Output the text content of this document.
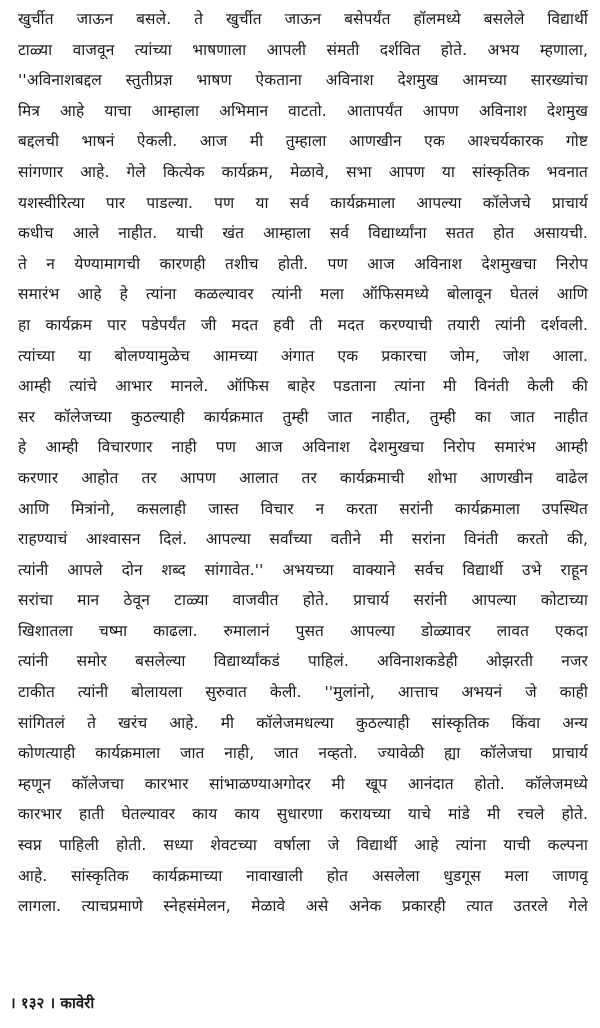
खुर्चीत जाऊन बसले. ते खुर्चीत जाऊन बसेपर्यंत हॉलमध्ये बसलेले विद्यार्थी
टाळ्या वाजवून त्यांच्या भाषणाला आपली संमती दर्शवित होते. अभय म्हणाला,
''अविनाशबद्दल स्तुतीप्रज्ञ भाषण ऐकताना अविनाश देशमुख आमच्या सारख्यांचा
मित्र आहे याचा आम्हाला अभिमान वाटतो. आतापर्यंत आपण अविनाश देशमुख
बद्दलची भाषनं ऐकली. आज मी तुम्हाला आणखीन एक आश्चर्यकारक गोष्ट
सांगणार आहे. गेले कित्येक कार्यक्रम, मेळावे, सभा आपण या सांस्कृतिक भवनात
यशस्वीरित्या पार पाडल्या. पण या सर्व कार्यक्रमाला आपल्या कॉलेजचे प्राचार्य
कधीच आले नाहीत. याची खंत आम्हाला सर्व विद्यार्थ्यांना सतत होत असायची.
ते न येण्यामागची कारणही तशीच होती. पण आज अविनाश देशमुखचा निरोप
समारंभ आहे हे त्यांना कळल्यावर त्यांनी मला ऑफिसमध्ये बोलावून घेतलं आणि
हा कार्यक्रम पार पडेपर्यंत जी मदत हवी ती मदत करण्याची तयारी त्यांनी दर्शवली.
त्यांच्या या बोलण्यामुळेच आमच्या अंगात एक प्रकारचा जोम, जोश आला.
आम्ही त्यांचे आभार मानले. ऑफिस बाहेर पडताना त्यांना मी विनंती केली की
सर कॉलेजच्या कुठल्याही कार्यक्रमात तुम्ही जात नाहीत, तुम्ही का जात नाहीत
हे आम्ही विचारणार नाही पण आज अविनाश देशमुखचा निरोप समारंभ आम्ही
करणार आहोत तर आपण आलात तर कार्यक्रमाची शोभा आणखीन वाढेल
आणि मित्रांनो, कसलाही जास्त विचार न करता सरांनी कार्यक्रमाला उपस्थित
राहण्याचं आश्वासन दिलं. आपल्या सर्वांच्या वतीने मी सरांना विनंती करतो की,
त्यांनी आपले दोन शब्द सांगावेत.'' अभयच्या वाक्याने सर्वच विद्यार्थी उभे राहून
सरांचा मान ठेवून टाळ्या वाजवीत होते. प्राचार्य सरांनी आपल्या कोटाच्या
खिशातला चष्मा काढला. रुमालानं पुसत आपल्या डोळ्यावर लावत एकदा
त्यांनी समोर बसलेल्या विद्यार्थ्यांकडं पाहिलं. अविनाशकडेही ओझरती नजर
टाकीत त्यांनी बोलायला सुरुवात केली. ''मुलांनो, आत्ताच अभयनं जे काही
सांगितलं ते खरंच आहे. मी कॉलेजमधल्या कुठल्याही सांस्कृतिक किंवा अन्य
कोणत्याही कार्यक्रमाला जात नाही, जात नव्हतो. ज्यावेळी ह्या कॉलेजचा प्राचार्य
म्हणून कॉलेजचा कारभार सांभाळण्याअगोदर मी खूप आनंदात होतो. कॉलेजमध्ये
कारभार हाती घेतल्यावर काय काय सुधारणा करायच्या याचे मांडे मी रचले होते.
स्वप्न पाहिली होती. सध्या शेवटच्या वर्षाला जे विद्यार्थी आहे त्यांना याची कल्पना
आहे. सांस्कृतिक कार्यक्रमाच्या नावाखाली होत असलेला धुडगूस मला जाणवू
लागला. त्याचप्रमाणे स्नेहसंमेलन, मेळावे असे अनेक प्रकारही त्यात उतरले गेले
। १३२ । कावेरी
